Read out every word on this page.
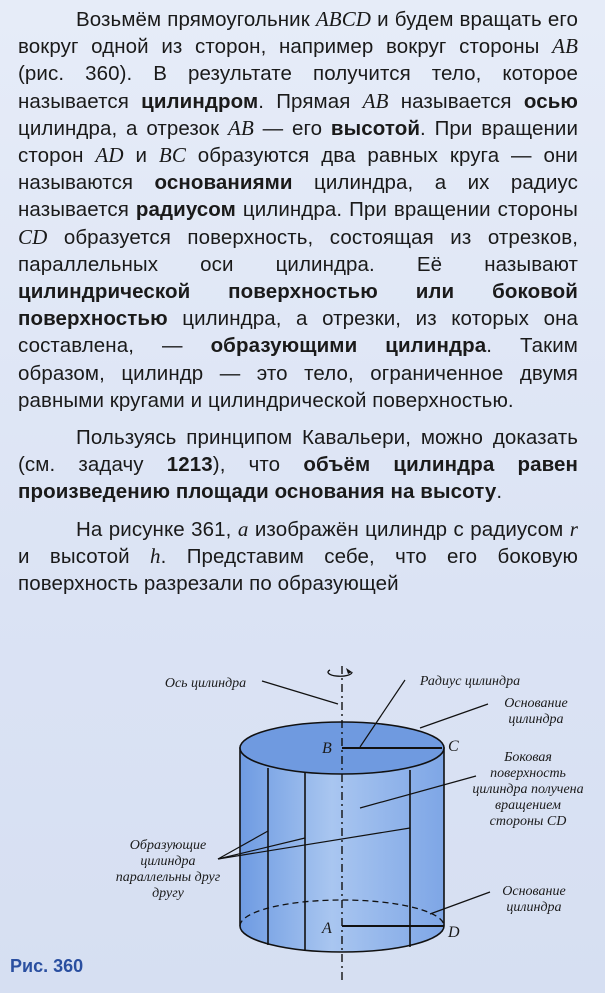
Возьмём прямоугольник ABCD и будем вращать его вокруг одной из сторон, например вокруг стороны AB (рис. 360). В результате получится тело, которое называется цилиндром. Прямая AB называется осью цилиндра, а отрезок AB — его высотой. При вращении сторон AD и BC образуются два равных круга — они называются основаниями цилиндра, а их радиус называется радиусом цилиндра. При вращении стороны CD образуется поверхность, состоящая из отрезков, параллельных оси цилиндра. Её называют цилиндрической поверхностью или боковой поверхностью цилиндра, а отрезки, из которых она составлена, — образующими цилиндра. Таким образом, цилиндр — это тело, ограниченное двумя равными кругами и цилиндрической поверхностью.

Пользуясь принципом Кавальери, можно доказать (см. задачу 1213), что объём цилиндра равен произведению площади основания на высоту.

На рисунке 361, а изображён цилиндр с радиусом r и высотой h. Представим себе, что его боковую поверхность разрезали по образующей

Ось цилиндра	Радиус цилиндра
Основание цилиндра
Боковая поверхность цилиндра получена вращением стороны CD
Образующие цилиндра параллельны друг другу	Основание цилиндра
B	C
A	D
Рис. 360
